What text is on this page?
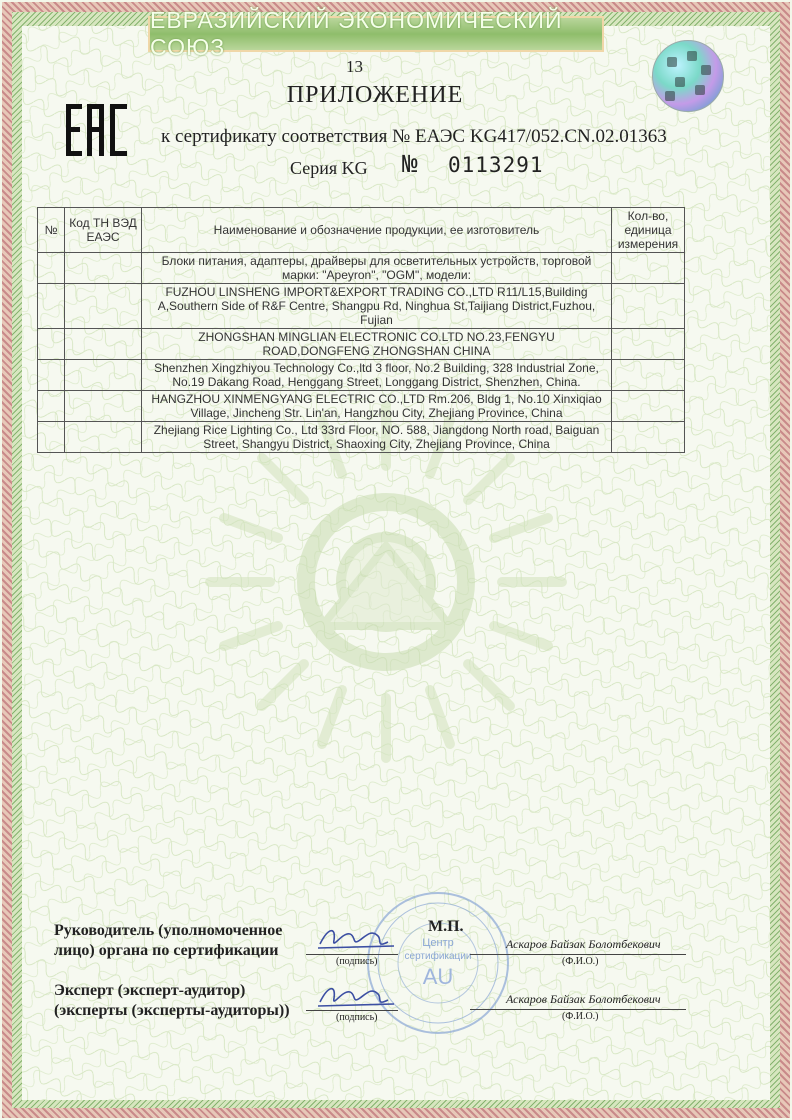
ЕВРАЗИЙСКИЙ ЭКОНОМИЧЕСКИЙ СОЮЗ
13
ПРИЛОЖЕНИЕ
к сертификату соответствия № ЕАЭС KG417/052.CN.02.01363
Серия KG № 0113291
№	Код ТН ВЭД ЕАЭС	Наименование и обозначение продукции, ее изготовитель	Кол-во, единица измерения
		Блоки питания, адаптеры, драйверы для осветительных устройств, торговой марки: "Apeyron", "OGM", модели:	
		FUZHOU LINSHENG IMPORT&EXPORT TRADING CO.,LTD R11/L15,Building A,Southern Side of R&F Centre, Shangpu Rd, Ninghua St,Taijiang District,Fuzhou, Fujian	
		ZHONGSHAN MINGLIAN ELECTRONIC CO.LTD NO.23,FENGYU ROAD,DONGFENG ZHONGSHAN CHINA	
		Shenzhen Xingzhiyou Technology Co.,ltd 3 floor, No.2 Building, 328 Industrial Zone, No.19 Dakang Road, Henggang Street, Longgang District, Shenzhen, China.	
		HANGZHOU XINMENGYANG ELECTRIC CO.,LTD Rm.206, Bldg 1, No.10 Xinxiqiao Village, Jincheng Str. Lin'an, Hangzhou City, Zhejiang Province, China	
		Zhejiang Rice Lighting Co., Ltd 33rd Floor, NO. 588, Jiangdong North road, Baiguan Street, Shangyu District, Shaoxing City, Zhejiang Province, China	
Центр
сертификации
AU
Руководитель (уполномоченное
лицо) органа по сертификации
М.П.
(подпись)
Аскаров Байзак Болотбекович
(Ф.И.О.)
Эксперт (эксперт-аудитор)
(эксперты (эксперты-аудиторы))	(подпись)
Аскаров Байзак Болотбекович
(Ф.И.О.)
